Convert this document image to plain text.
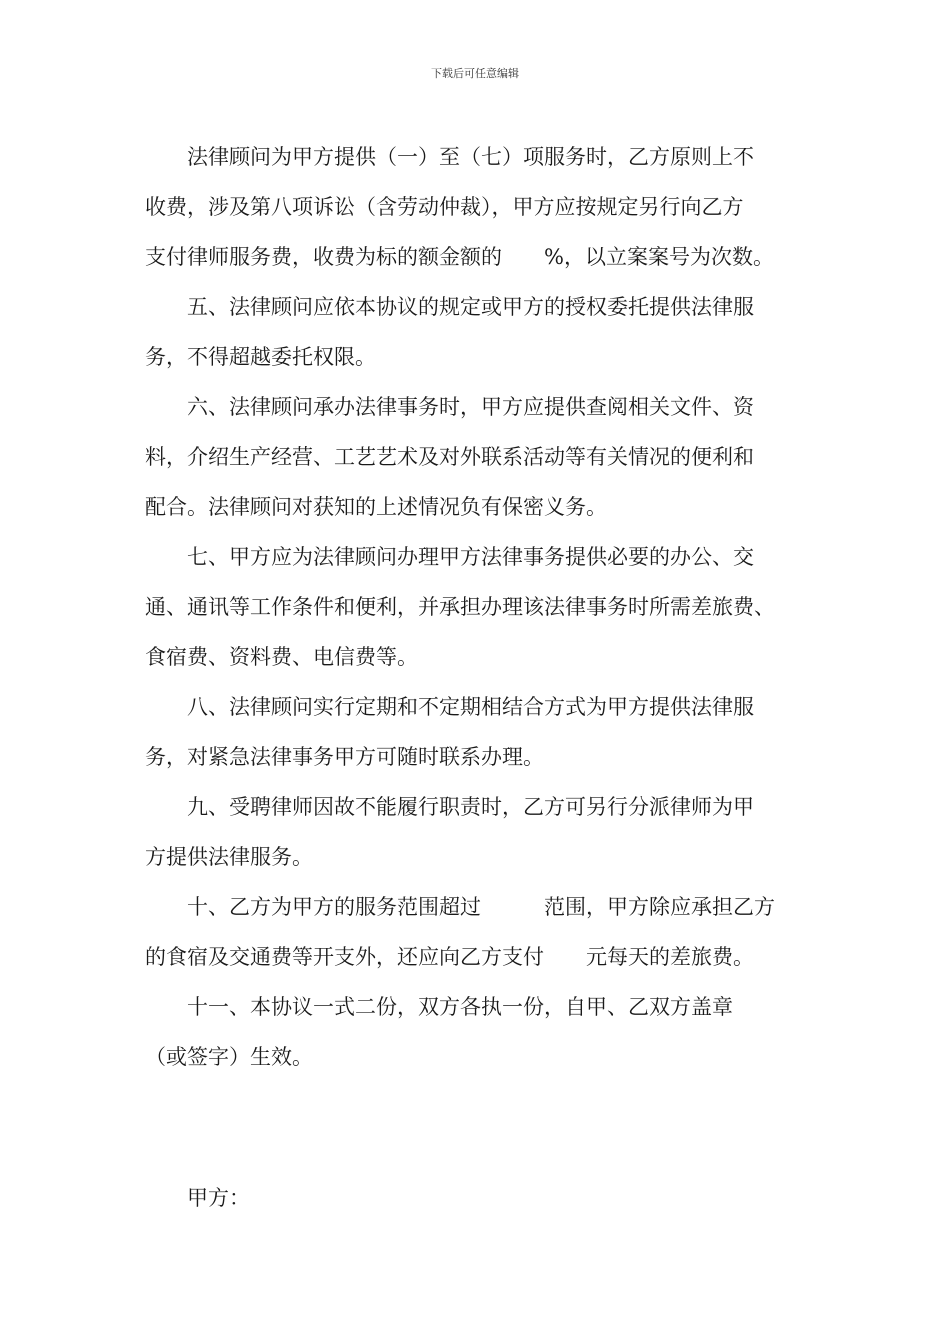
下载后可任意编辑
法律顾问为甲方提供（一）至（七）项服务时，乙方原则上不
收费，涉及第八项诉讼（含劳动仲裁），甲方应按规定另行向乙方
支付律师服务费，收费为标的额金额的　　%，以立案案号为次数。
五、法律顾问应依本协议的规定或甲方的授权委托提供法律服
务，不得超越委托权限。
六、法律顾问承办法律事务时，甲方应提供查阅相关文件、资
料，介绍生产经营、工艺艺术及对外联系活动等有关情况的便利和
配合。法律顾问对获知的上述情况负有保密义务。
七、甲方应为法律顾问办理甲方法律事务提供必要的办公、交
通、通讯等工作条件和便利，并承担办理该法律事务时所需差旅费、
食宿费、资料费、电信费等。
八、法律顾问实行定期和不定期相结合方式为甲方提供法律服
务，对紧急法律事务甲方可随时联系办理。
九、受聘律师因故不能履行职责时，乙方可另行分派律师为甲
方提供法律服务。
十、乙方为甲方的服务范围超过　　　范围，甲方除应承担乙方
的食宿及交通费等开支外，还应向乙方支付　　元每天的差旅费。
十一、本协议一式二份，双方各执一份，自甲、乙双方盖章
（或签字）生效。
甲方：
